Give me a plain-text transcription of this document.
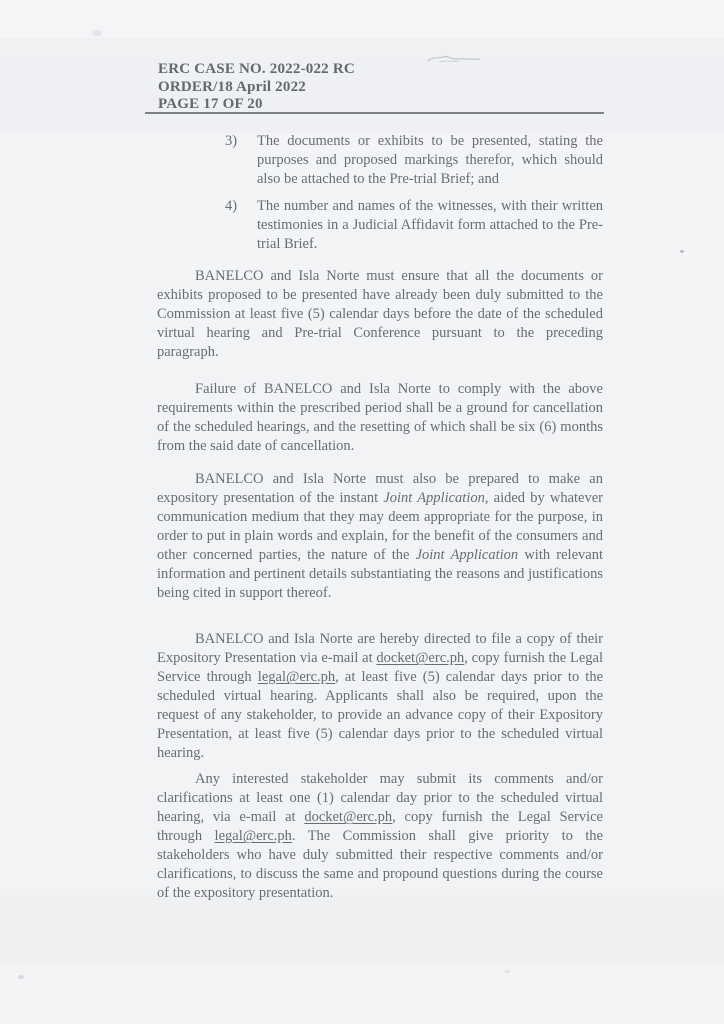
ERC CASE NO. 2022-022 RC
ORDER/18 April 2022
PAGE 17 OF 20
3) The documents or exhibits to be presented, stating the purposes and proposed markings therefor, which should also be attached to the Pre-trial Brief; and
4) The number and names of the witnesses, with their written testimonies in a Judicial Affidavit form attached to the Pre-trial Brief.
BANELCO and Isla Norte must ensure that all the documents or exhibits proposed to be presented have already been duly submitted to the Commission at least five (5) calendar days before the date of the scheduled virtual hearing and Pre-trial Conference pursuant to the preceding paragraph.
Failure of BANELCO and Isla Norte to comply with the above requirements within the prescribed period shall be a ground for cancellation of the scheduled hearings, and the resetting of which shall be six (6) months from the said date of cancellation.
BANELCO and Isla Norte must also be prepared to make an expository presentation of the instant Joint Application, aided by whatever communication medium that they may deem appropriate for the purpose, in order to put in plain words and explain, for the benefit of the consumers and other concerned parties, the nature of the Joint Application with relevant information and pertinent details substantiating the reasons and justifications being cited in support thereof.
BANELCO and Isla Norte are hereby directed to file a copy of their Expository Presentation via e-mail at docket@erc.ph, copy furnish the Legal Service through legal@erc.ph, at least five (5) calendar days prior to the scheduled virtual hearing. Applicants shall also be required, upon the request of any stakeholder, to provide an advance copy of their Expository Presentation, at least five (5) calendar days prior to the scheduled virtual hearing.
Any interested stakeholder may submit its comments and/or clarifications at least one (1) calendar day prior to the scheduled virtual hearing, via e-mail at docket@erc.ph, copy furnish the Legal Service through legal@erc.ph. The Commission shall give priority to the stakeholders who have duly submitted their respective comments and/or clarifications, to discuss the same and propound questions during the course of the expository presentation.
